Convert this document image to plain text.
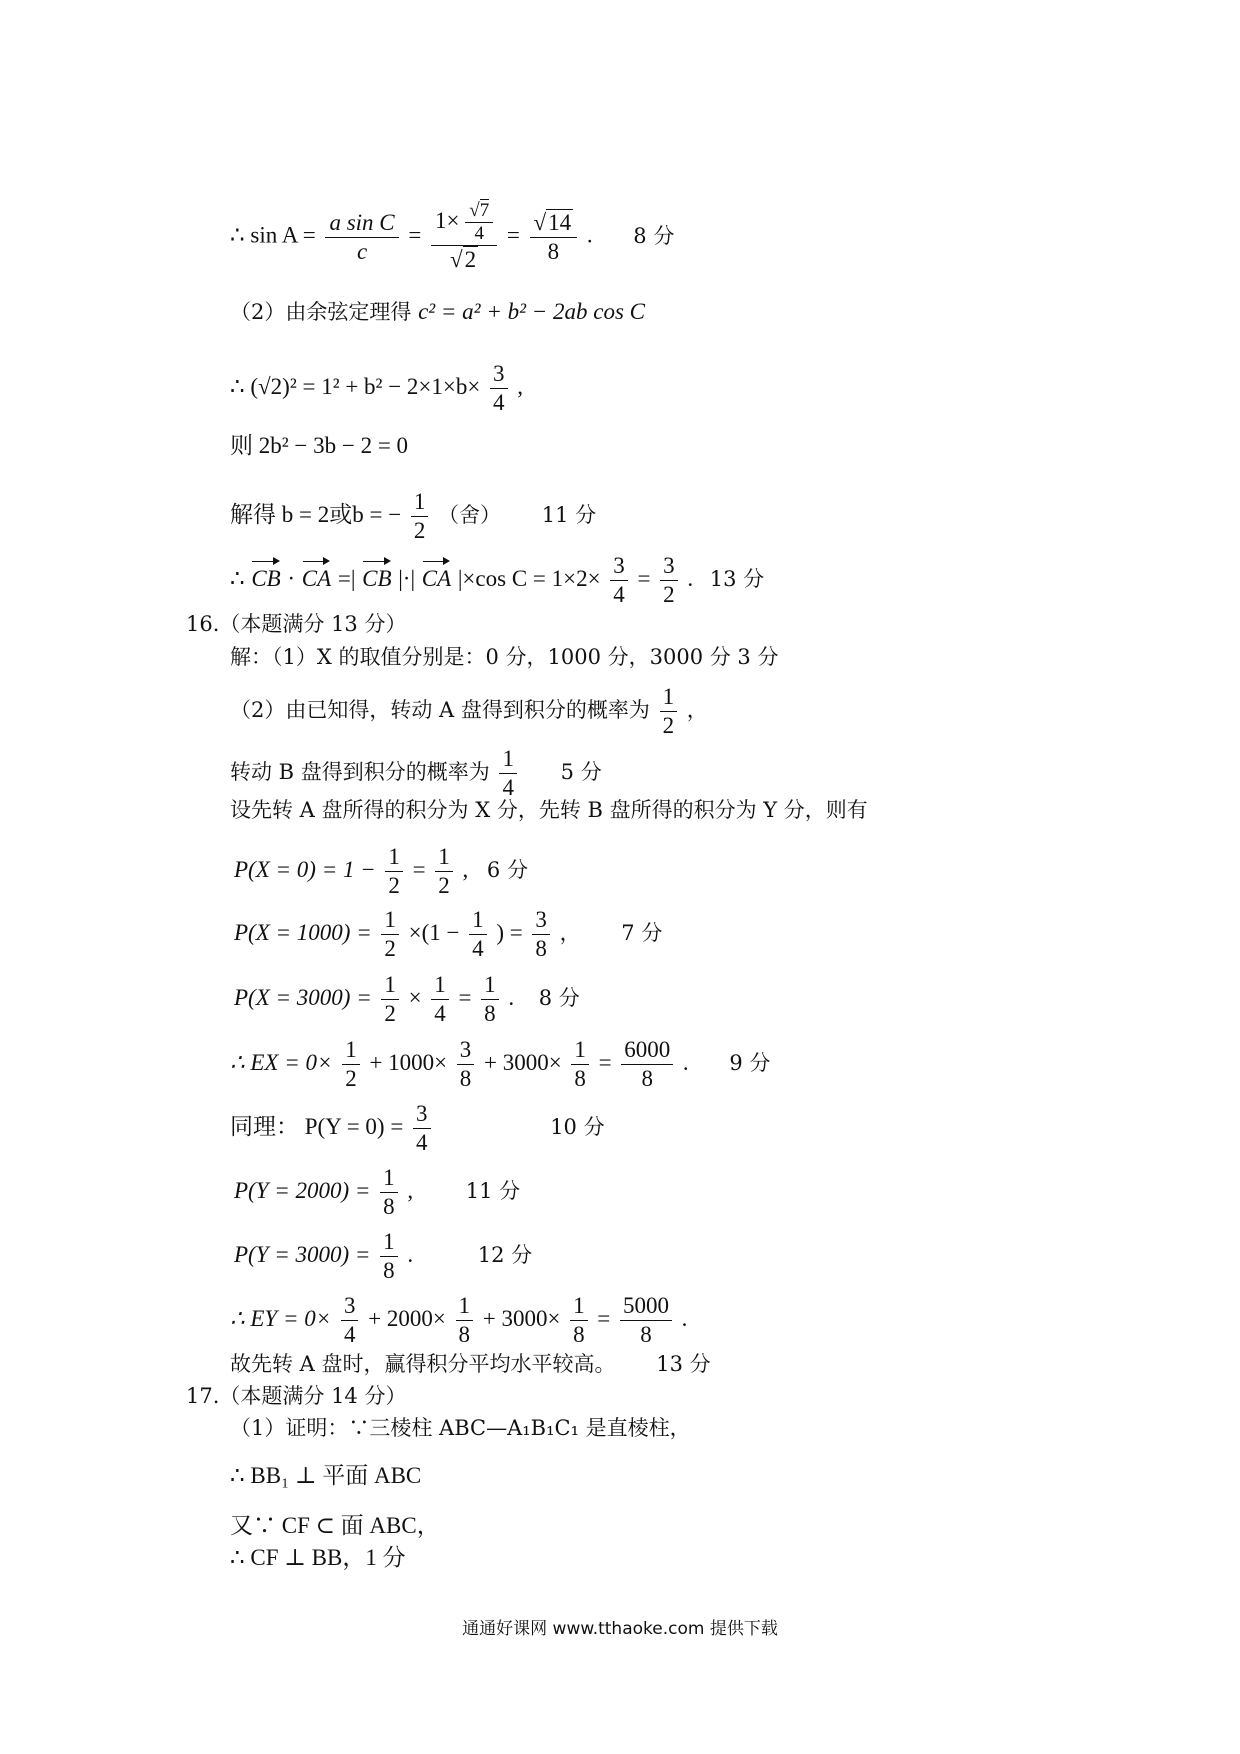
∴ $\sin A = \frac{\text{a sin C}}{c} = \frac{1\times \frac{√7}{4}}{√2} = \frac{√14}{8}$ . 8 分
（2）由余弦定理得 c² = a² + b² − 2ab cos C
∴ $(√2)^2 = 1^2 + b^2 - 2\times 1\times b\times \frac{3}{4}$ ,
则 2b² − 3b − 2 = 0
解得 b = 2或b = − $\frac{1}{2}$ （舍） 11 分
∴ CB · CA =| CB |·| CA |×cos $C = 1\times 2\times \frac{3}{4} = \frac{3}{2}$ . 13 分
16.（本题满分 13 分）
解：（1）X 的取值分别是：0 分，1000 分，3000 分 3 分
（2）由已知得，转动 A 盘得到积分的概率为 $\frac{1}{2}$ ，
转动 B 盘得到积分的概率为 $\frac{1}{4} 5$ 分
设先转 A 盘所得的积分为 X 分，先转 B 盘所得的积分为 Y 分，则有
$P(X = 0) = 1 - \frac{1}{2} = \frac{1}{2}$ , 6 分
$P(X = 1000) = \frac{1}{2} \times(1 - \frac{1}{4}$ ) = $\frac{3}{8}$ ， 7 分
$P(X = 3000) = \frac{1}{2} \times \frac{1}{4} = \frac{1}{8}$ . 8 分
∴ EX = $0\times \frac{1}{2} + 1000\times \frac{3}{8} + 3000\times \frac{1}{8} = \frac{6000}{8}$ . 9 分
同理： $P(Y = 0) = \frac{3}{4}$	10 分
$P(Y = 2000) = \frac{1}{8}$ ,	11 分
$P(Y = 3000) = \frac{1}{8}$ .	12 分
∴ EY = $0\times \frac{3}{4} + 2000\times \frac{1}{8} + 3000\times \frac{1}{8} = \frac{5000}{8}$ .
故先转 A 盘时，赢得积分平均水平较高。 13 分
17.（本题满分 14 分）
（1）证明：∵三棱柱 ABC—A₁B₁C₁ 是直棱柱，
∴ BB₁ ⊥ 平面 ABC
又∵ CF ⊂ 面 ABC，
∴ CF ⊥ BB，1 分
通通好课网 www.tthaoke.com 提供下载
